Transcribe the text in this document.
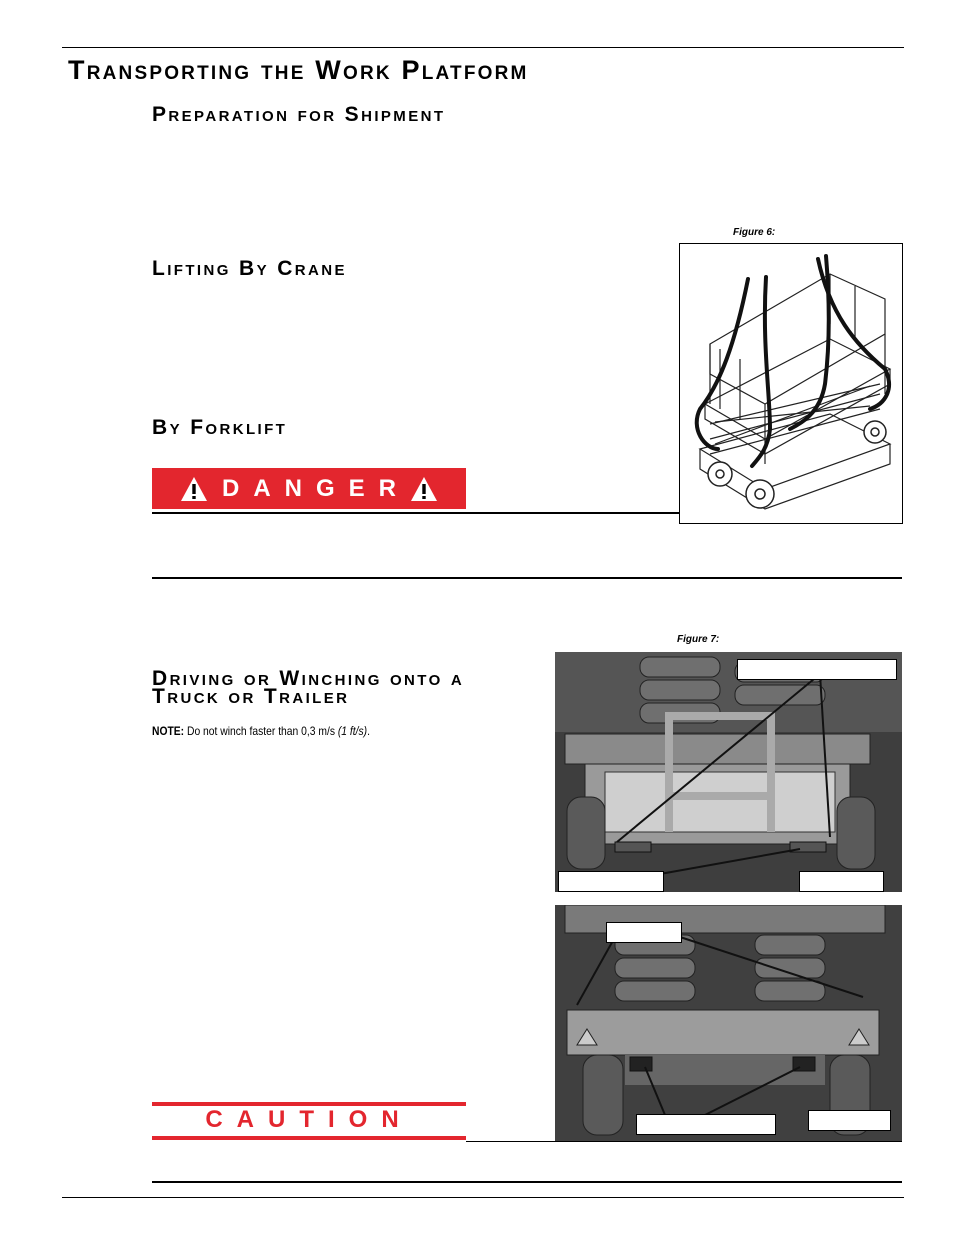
Transporting the Work Platform
Preparation for Shipment
Figure 6:
Lifting By Crane
By Forklift
DANGER
Figure 7:
Driving or Winching onto a
Truck or Trailer
NOTE: Do not winch faster than 0,3 m/s (1 ft/s).
CAUTION
